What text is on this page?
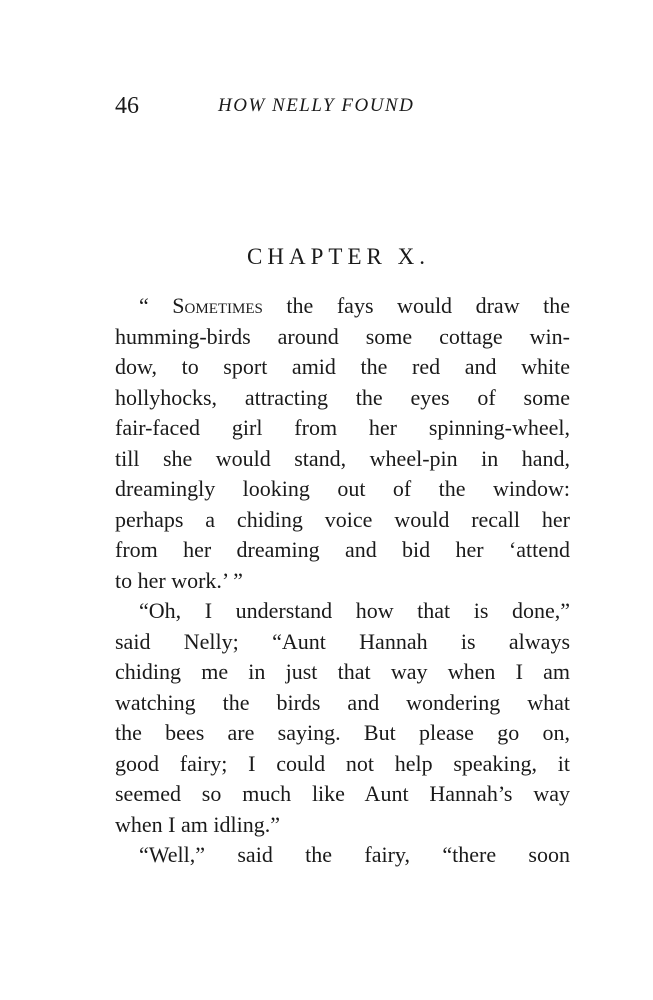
46	HOW NELLY FOUND
CHAPTER X.
“ Sometimes the fays would draw the
humming-birds around some cottage win-
dow, to sport amid the red and white
hollyhocks, attracting the eyes of some
fair-faced girl from her spinning-wheel,
till she would stand, wheel-pin in hand,
dreamingly looking out of the window:
perhaps a chiding voice would recall her
from her dreaming and bid her ‘attend
to her work.’ ”
“Oh, I understand how that is done,”
said Nelly; “Aunt Hannah is always
chiding me in just that way when I am
watching the birds and wondering what
the bees are saying. But please go on,
good fairy; I could not help speaking, it
seemed so much like Aunt Hannah’s way
when I am idling.”
“Well,” said the fairy, “there soon
